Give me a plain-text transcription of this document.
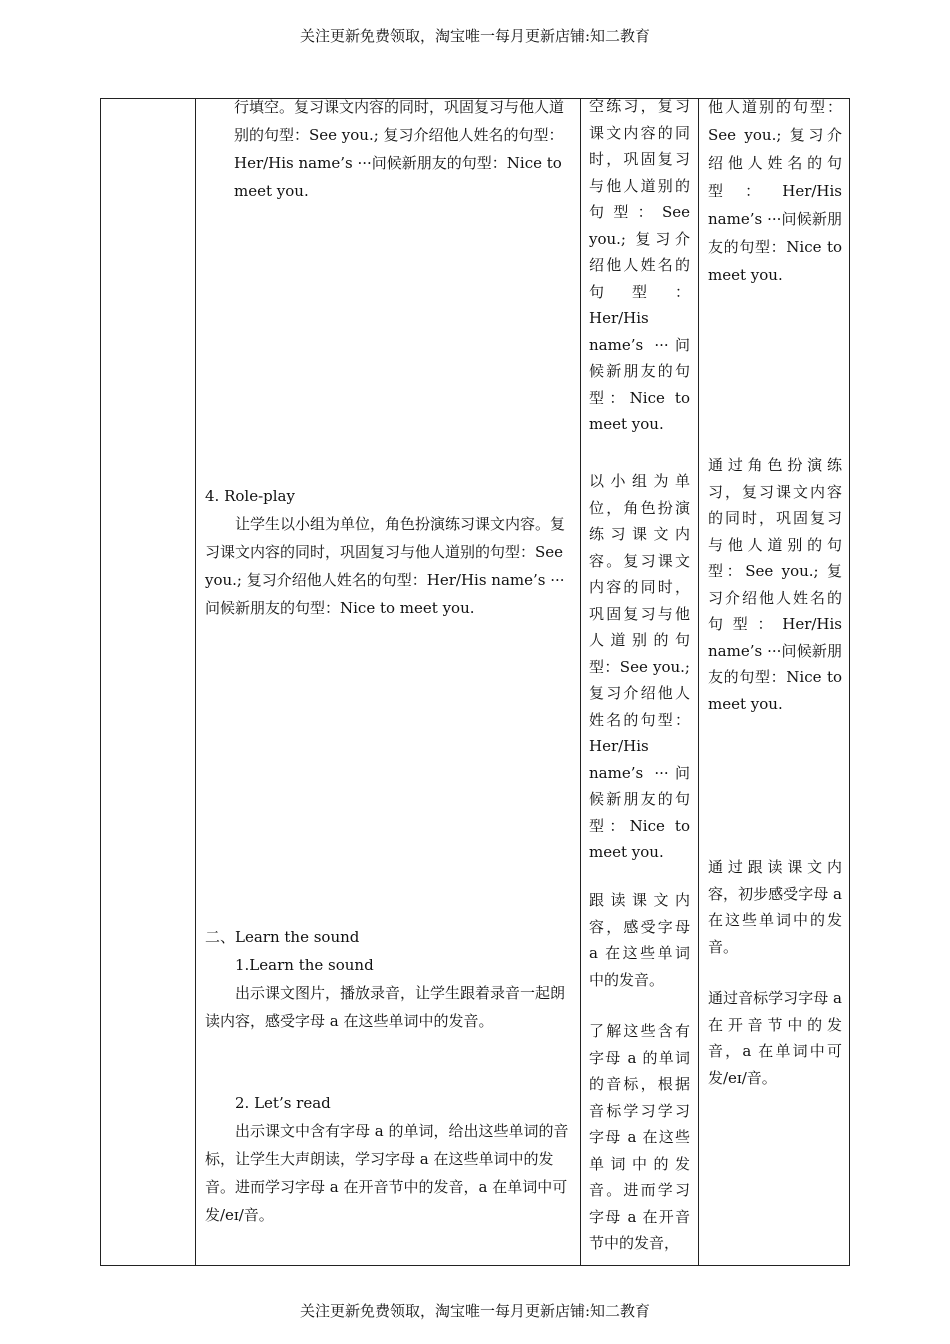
关注更新免费领取，淘宝唯一每月更新店铺:知二教育

行填空。复习课文内容的同时，巩固复习与他人道别的句型：See you.; 复习介绍他人姓名的句型：Her/His name’s ···问候新朋友的句型：Nice to meet you.

4. Role-play

让学生以小组为单位，角色扮演练习课文内容。复习课文内容的同时，巩固复习与他人道别的句型：See you.; 复习介绍他人姓名的句型：Her/His name’s ···问候新朋友的句型：Nice to meet you.

二、Learn the sound

1.Learn the sound

出示课文图片，播放录音，让学生跟着录音一起朗读内容，感受字母 a 在这些单词中的发音。

2. Let’s read

出示课文中含有字母 a 的单词，给出这些单词的音标，让学生大声朗读，学习字母 a 在这些单词中的发音。进而学习字母 a 在开音节中的发音，a 在单词中可发/eɪ/音。

空练习，复习课文内容的同时，巩固复习与他人道别的句型：See you.; 复习介绍他人姓名的句型：Her/His name’s ···问候新朋友的句型：Nice to meet you.

以小组为单位，角色扮演练习课文内容。复习课文内容的同时，巩固复习与他人道别的句型：See you.; 复习介绍他人姓名的句型：Her/His name’s ···问候新朋友的句型：Nice to meet you.

跟读课文内容，感受字母 a 在这些单词中的发音。

了解这些含有字母 a 的单词的音标，根据音标学习学习字母 a 在这些单词中的发音。进而学习字母 a 在开音节中的发音，

他人道别的句型：See you.; 复习介绍他人姓名的句型：Her/His name’s ···问候新朋友的句型：Nice to meet you.

通过角色扮演练习，复习课文内容的同时，巩固复习与他人道别的句型：See you.; 复习介绍他人姓名的句型：Her/His name’s ···问候新朋友的句型：Nice to meet you.

通过跟读课文内容，初步感受字母 a 在这些单词中的发音。

通过音标学习字母 a 在开音节中的发音，a 在单词中可发/eɪ/音。

关注更新免费领取，淘宝唯一每月更新店铺:知二教育
